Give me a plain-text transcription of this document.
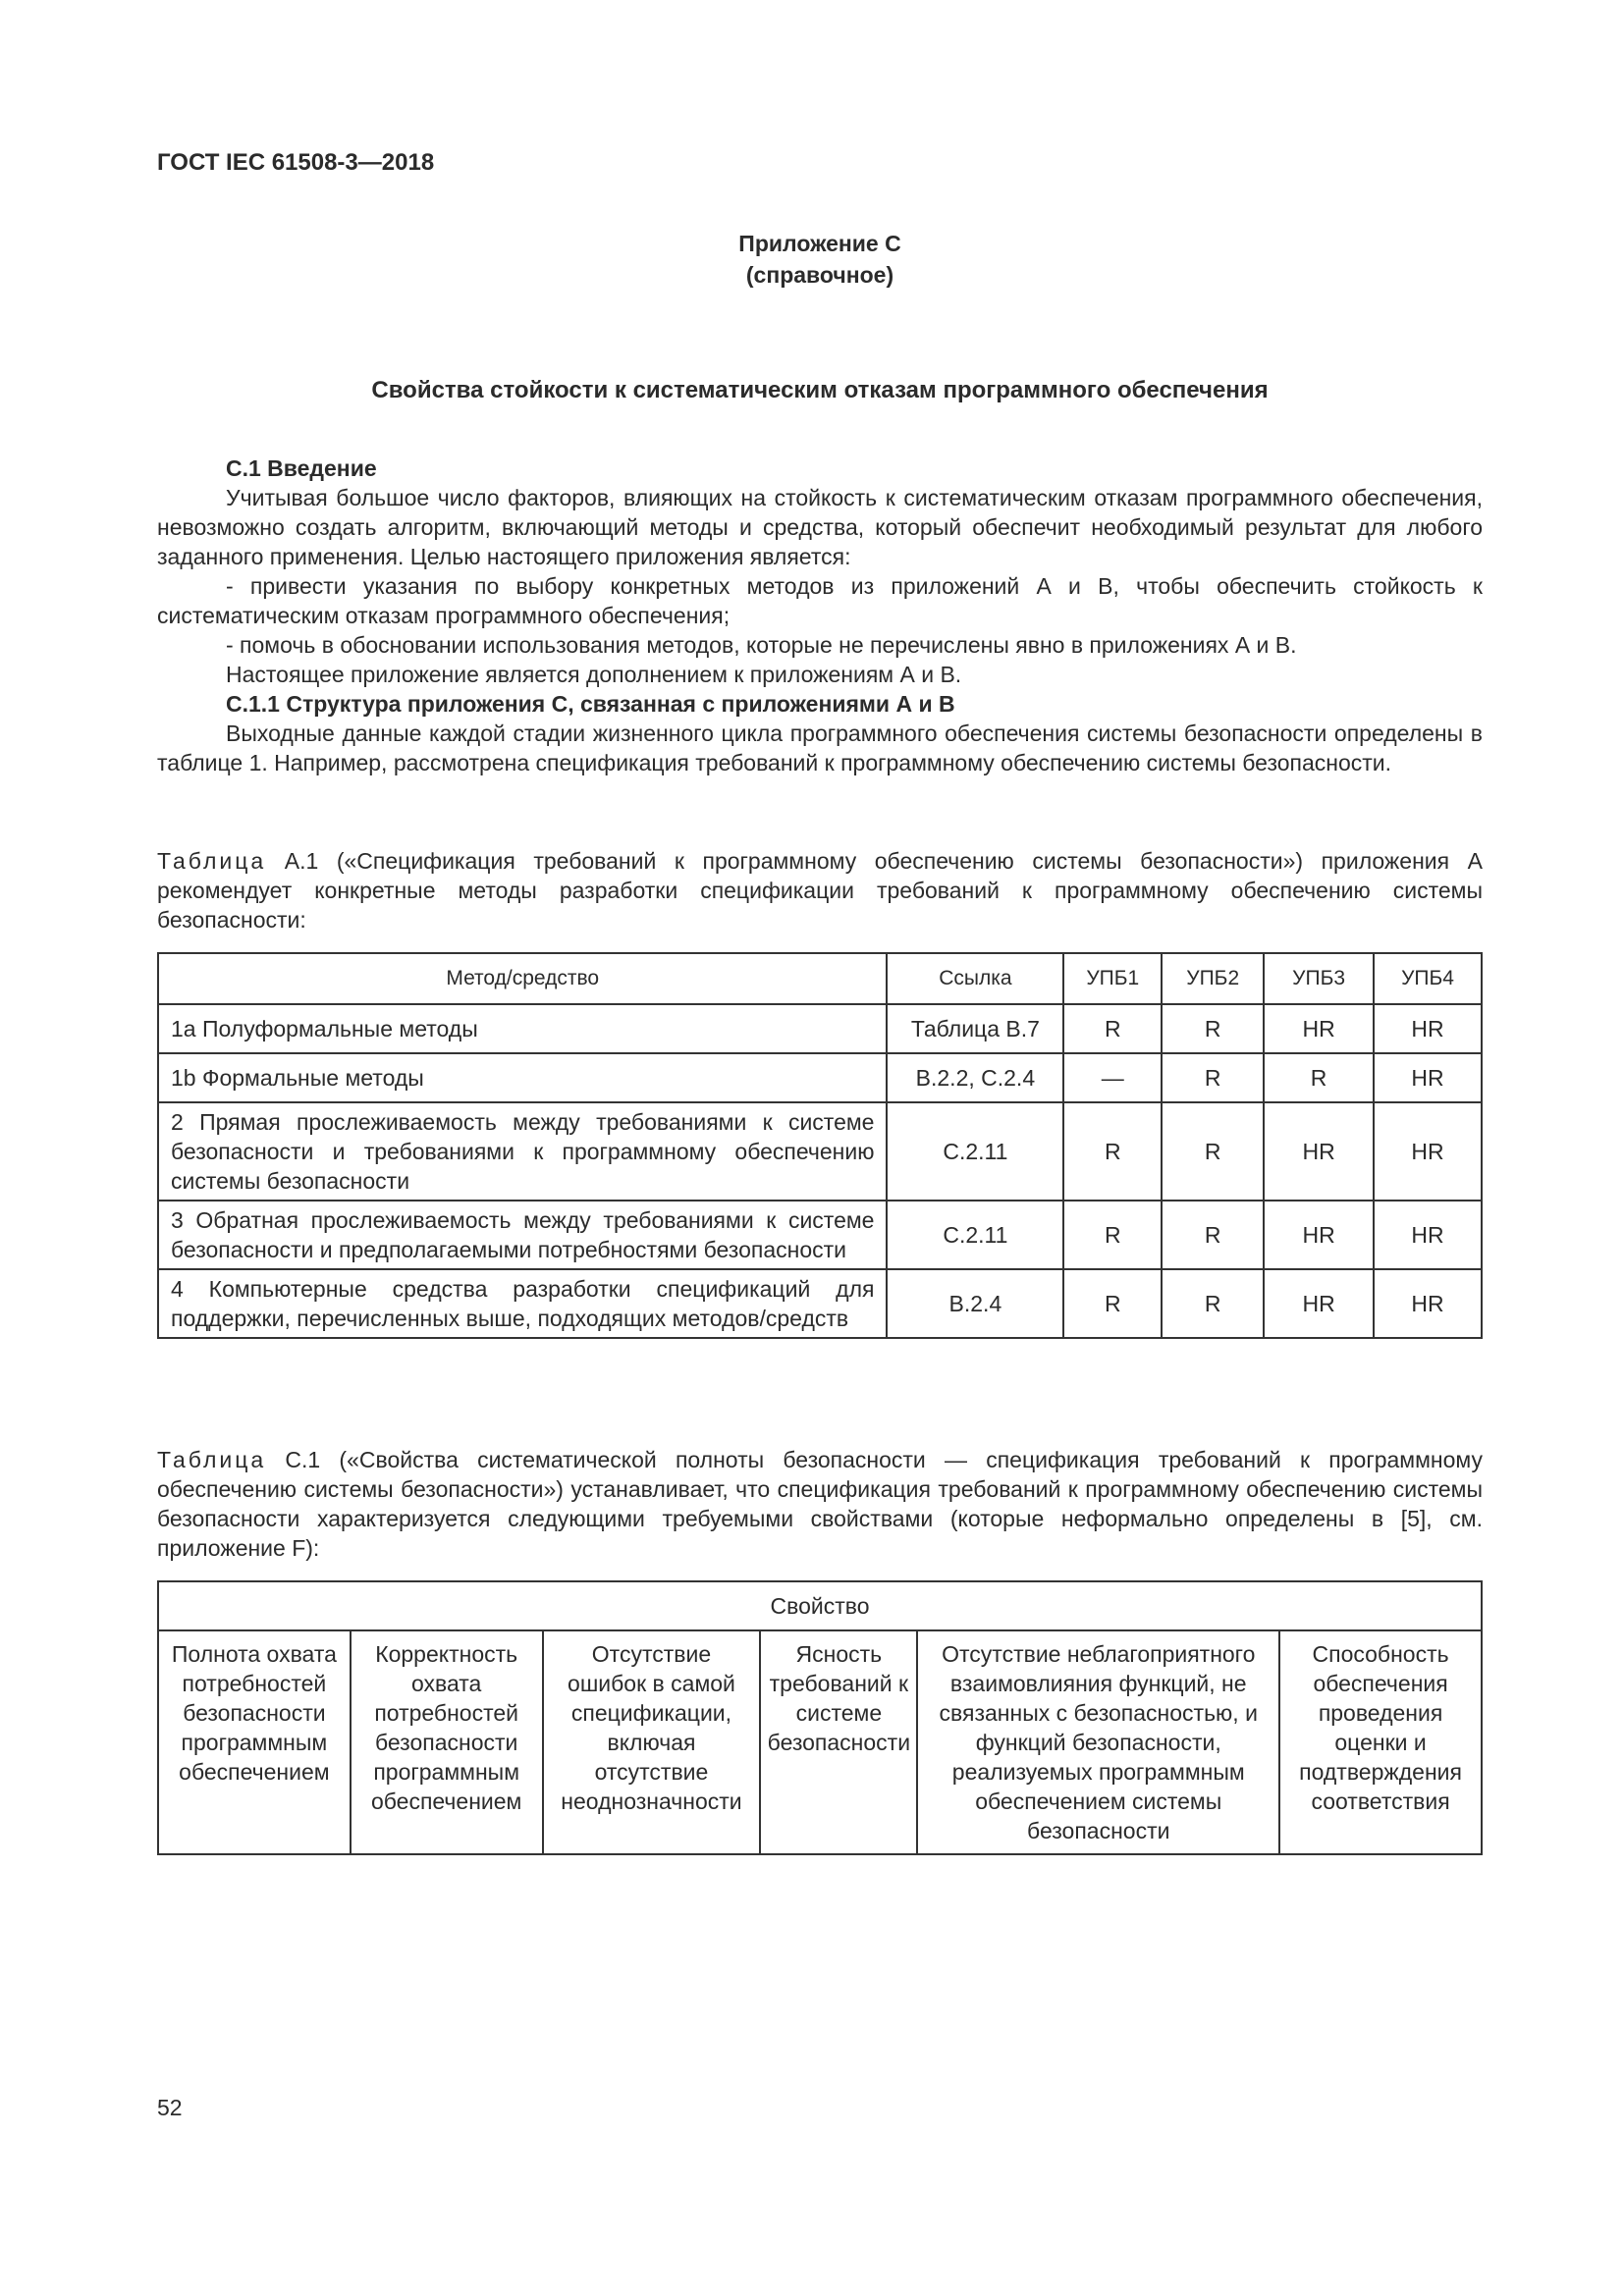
ГОСТ IEC 61508-3—2018
Приложение С
(справочное)
Свойства стойкости к систематическим отказам программного обеспечения

С.1 Введение

Учитывая большое число факторов, влияющих на стойкость к систематическим отказам программного обеспечения, невозможно создать алгоритм, включающий методы и средства, который обеспечит необходимый результат для любого заданного применения. Целью настоящего приложения является:

- привести указания по выбору конкретных методов из приложений А и В, чтобы обеспечить стойкость к систематическим отказам программного обеспечения;

- помочь в обосновании использования методов, которые не перечислены явно в приложениях А и В.

Настоящее приложение является дополнением к приложениям А и В.

С.1.1 Структура приложения С, связанная с приложениями А и В

Выходные данные каждой стадии жизненного цикла программного обеспечения системы безопасности определены в таблице 1. Например, рассмотрена спецификация требований к программному обеспечению системы безопасности.

Таблица А.1 («Спецификация требований к программному обеспечению системы безопасности») приложения А рекомендует конкретные методы разработки спецификации требований к программному обеспечению системы безопасности:

Метод/средство	Ссылка	УПБ1	УПБ2	УПБ3	УПБ4
1a Полуформальные методы	Таблица В.7	R	R	HR	HR
1b Формальные методы	В.2.2, С.2.4	—	R	R	HR
2 Прямая прослеживаемость между требованиями к системе безопасности и требованиями к программному обеспечению системы безопасности	С.2.11	R	R	HR	HR
3 Обратная прослеживаемость между требованиями к системе безопасности и предполагаемыми потребностями безопасности	С.2.11	R	R	HR	HR
4 Компьютерные средства разработки спецификаций для поддержки, перечисленных выше, подходящих методов/средств	В.2.4	R	R	HR	HR

Таблица С.1 («Свойства систематической полноты безопасности — спецификация требований к программному обеспечению системы безопасности») устанавливает, что спецификация требований к программному обеспечению системы безопасности характеризуется следующими требуемыми свойствами (которые неформально определены в [5], см. приложение F):

Свойство
Полнота охвата потребностей безопасности программным обеспечением	Корректность охвата потребностей безопасности программным обеспечением	Отсутствие ошибок в самой спецификации, включая отсутствие неоднозначности	Ясность требований к системе безопасности	Отсутствие неблагоприятного взаимовлияния функций, не связанных с безопасностью, и функций безопасности, реализуемых программным обеспечением системы безопасности	Способность обеспечения проведения оценки и подтверждения соответствия
52
